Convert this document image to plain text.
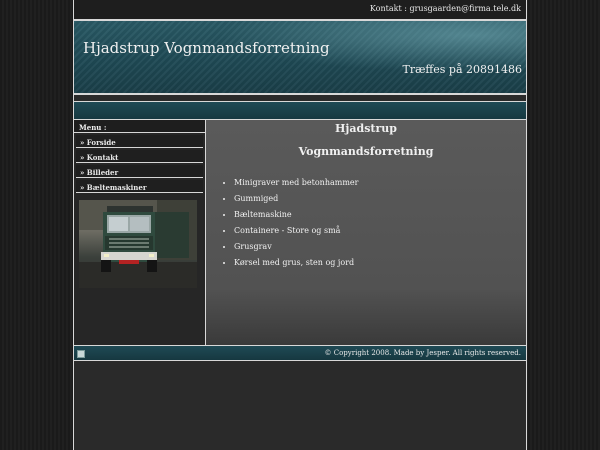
Kontakt : grusgaarden@firma.tele.dk
Hjadstrup Vognmandsforretning
Træffes på 20891486
Menu :
» Forside
» Kontakt
» Billeder
» Bæltemaskiner
Hjadstrup
Vognmandsforretning
• Minigraver med betonhammer
• Gummiged
• Bæltemaskine
• Containere - Store og små
• Grusgrav
• Kørsel med grus, sten og jord
© Copyright 2008. Made by Jesper. All rights reserved.
